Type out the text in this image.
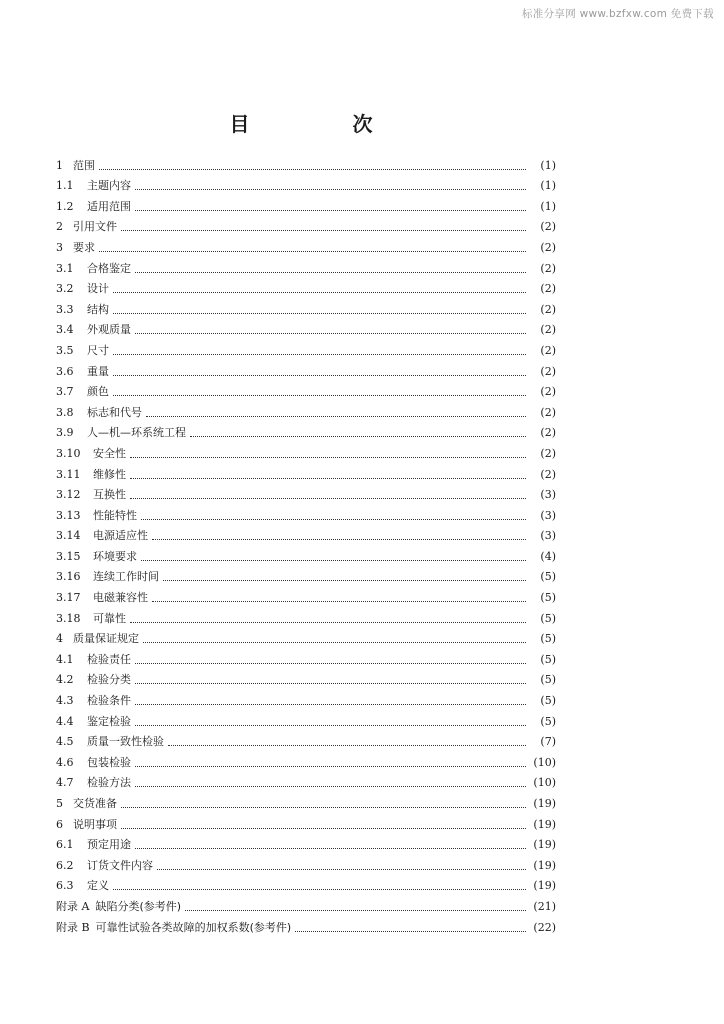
标准分享网 www.bzfxw.com 免费下载
目 次
1 范围	(1)
1.1	主题内容	(1)
1.2	适用范围	(1)
2 引用文件	(2)
3 要求	(2)
3.1	合格鉴定	(2)
3.2	设计	(2)
3.3	结构	(2)
3.4	外观质量	(2)
3.5	尺寸	(2)
3.6	重量	(2)
3.7	颜色	(2)
3.8	标志和代号	(2)
3.9	人—机—环系统工程	(2)
3.10	安全性	(2)
3.11	维修性	(2)
3.12	互换性	(3)
3.13	性能特性	(3)
3.14	电源适应性	(3)
3.15	环境要求	(4)
3.16	连续工作时间	(5)
3.17	电磁兼容性	(5)
3.18	可靠性	(5)
4 质量保证规定	(5)
4.1	检验责任	(5)
4.2	检验分类	(5)
4.3	检验条件	(5)
4.4	鉴定检验	(5)
4.5	质量一致性检验	(7)
4.6	包装检验	(10)
4.7	检验方法	(10)
5 交货准备	(19)
6 说明事项	(19)
6.1	预定用途	(19)
6.2	订货文件内容	(19)
6.3	定义	(19)
附录 A 缺陷分类(参考件)	(21)
附录 B 可靠性试验各类故障的加权系数(参考件)	(22)
